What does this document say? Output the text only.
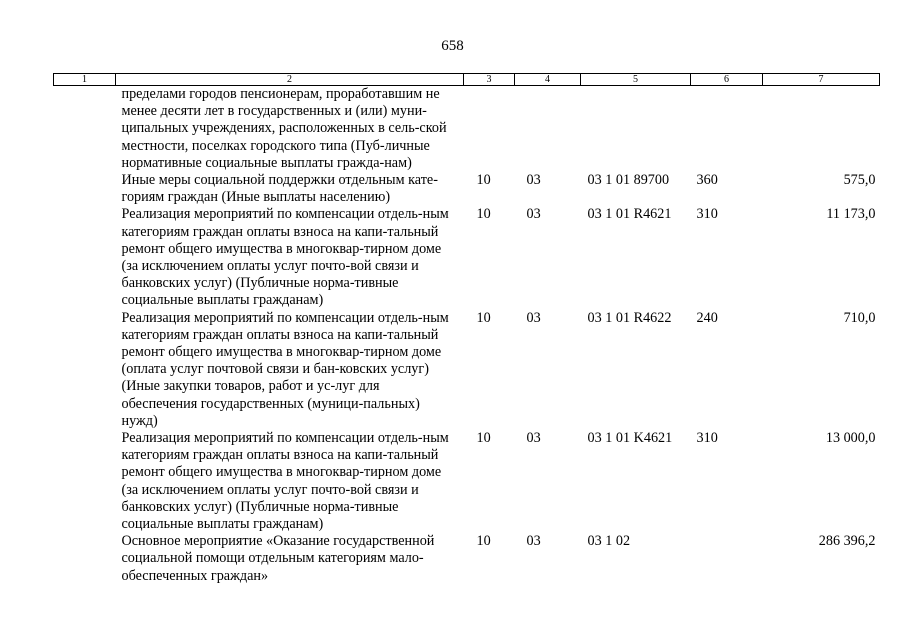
658
1	2	3	4	5	6	7
	пределами городов пенсионерам, проработавшим не менее десяти лет в государственных и (или) муни-ципальных учреждениях, расположенных в сель-ской местности, поселках городского типа (Пуб-личные нормативные социальные выплаты гражда-нам)					
	Иные меры социальной поддержки отдельным кате-гориям граждан (Иные выплаты населению)	10	03	03 1 01 89700	360	575,0
	Реализация мероприятий по компенсации отдель-ным категориям граждан оплаты взноса на капи-тальный ремонт общего имущества в многоквар-тирном доме (за исключением оплаты услуг почто-вой связи и банковских услуг) (Публичные норма-тивные социальные выплаты гражданам)	10	03	03 1 01 R4621	310	11 173,0
	Реализация мероприятий по компенсации отдель-ным категориям граждан оплаты взноса на капи-тальный ремонт общего имущества в многоквар-тирном доме (оплата услуг почтовой связи и бан-ковских услуг) (Иные закупки товаров, работ и ус-луг для обеспечения государственных (муници-пальных) нужд)	10	03	03 1 01 R4622	240	710,0
	Реализация мероприятий по компенсации отдель-ным категориям граждан оплаты взноса на капи-тальный ремонт общего имущества в многоквар-тирном доме (за исключением оплаты услуг почто-вой связи и банковских услуг) (Публичные норма-тивные социальные выплаты гражданам)	10	03	03 1 01 K4621	310	13 000,0
	Основное мероприятие «Оказание государственной социальной помощи отдельным категориям мало-обеспеченных граждан»	10	03	03 1 02		286 396,2
